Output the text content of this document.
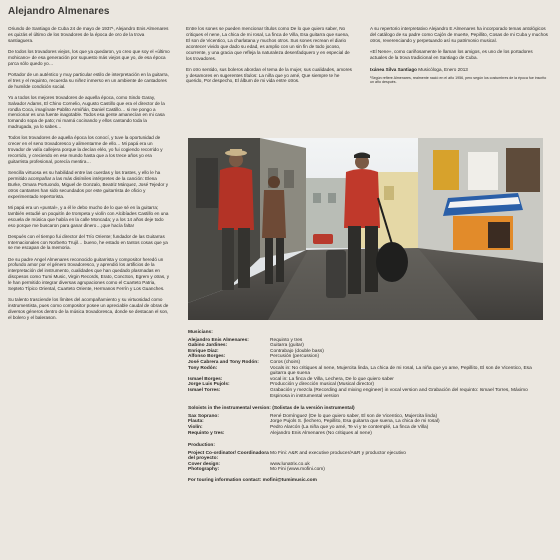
Alejandro Almenares

Oriundo de Santiago de Cuba 24 de mayo de 1937¹, Alejandro Enis Almenares es quizás el último de los trovadores de la época de oro de la trova santiaguera.

De todos los trovadores viejos, los que ya quedaron, yo creo que soy el «último mohicano» de esa generación por supuesto más viejos que yo, de esa época pa'ca sólo quedo yo…

Portador de un auténtico y muy particular estilo de interpretación en la guitarra, el tres y el requinto, recuerda su niñez inmerso en un ambiente de cantadores de humilde condición social.

Yo a todos los mejores trovadores de aquella época, como Sindo Garay, Salvador Adams, El Chino Cornelio, Augusto Castillo que era el director de la rondla Coca, imagínate Pablito Armiñán, Daniel Castillo… si me pongo a mencionar es una fuente inagotable. Todos esa gente amanecían en mi casa tomando sopa de pato; mi mamá cocinando y ellos cantando toda la madrugada, ya lo sabes…

Todos los trovadores de aquella época los conocí, y tuve la oportunidad de crecer en el seno trovadoresco y alimentarme de ello… Mi papá era un trovador de valía callejera porque la decían eléo, yo fui cogiendo recorrido y recorrido, y creciendo en ese mundo hasta que a los trece años yo era guitarrista profesional, porecía mentira…

Sencilla virtuosa es su habilidad entre las cuerdas y los trastes, y ello le ha permitido acompañar a las más disímiles intérpretes de la canción: Elena Burke, Omara Portuondo, Miguel de Gonzalo, Beatriz Márquez, José Tejedor y otros cantantes han sido secundados por este guitarrista de oficio y experimentado repertorista.

Mi papá era un «puntal», y a él le debo mucho de lo que sé en la guitarra; también estudié un poquitín de trompeta y violín con Alcibíades Castillo en una escuela de música que había en la calle Moncada; y a los 14 años deje todo eso porque me buscaron para ganar dinero…¡que hacía falta!

Después con el tiempo fui director del Trío Oriente; fundador de las Guitarras Internacionales con Norberto Trujil… bueno, he estado en tantos cosas que ya se me escapan de la memoria.

De su padre Angel Almenares reconocido guitarrista y compositor heredó un profundo amor por el género trovadoresco, y aprendió los artificios de la interpretación del instrumento, cualidades que han quedado plasmadas en discpesos como Tumi Music, Virgin Records, Erato, ConcSon, Egrem y otras, y le han permitido integrar diversas agrupaciones como el Cuarteto Patria, Septeto Típico Oriental, Cuarteto Oriente, Hermanos Ferrín y Los Guanches.

Su talento trasciende los límites del acompañamiento y su virtuosidad como instrumentista, pues como compositor posee un apreciable caudal de obras de diversos géneros dentro de la música trovadoresca, donde se destacan el son, el bolero y el balerason.

Entre los sones se pueden mencionar títulos como De lo que quiero saber, No critiques el nene, La chica de mi rosal, La finca de Villa, Esa guitarra que suena, El son de Vicentico, La charlatana y muchos otros. Sus sones recrean el diario acontecer vivido que dado su edad, es amplio con un sin fin de todo jocoso, ocurrente, y una gracia que refleja la naturaleza desenfadquero y en especial de los trovadores.

En otro sentido, sus boleros abordan el tema de la mujer, sus cualidades, amores y desamores en sugerentes títulos: La niña que yo amé, Que siempre te he querido, Por despecho, El álbum de mi vida entre otros.

A su repertorio interpretativo Alejandro E Almenares ha incorporado temas antológicos del catálogo de su padre como Cajón de muerte, Pepillito, Cosas de mi Cuba y muchos otros, reverenciando y perpetuando así su patrimonio musical.

«El Nene», como cariñosamente le llaman los amigos, es uno de los portadores actuales de la trova tradicional en Santiago de Cuba.

Ixánea Silva Santiago Musicóloga, Enero 2013
¹Según refiere Almenares, realmente nació en el año 1956, pero según los costumbres de la época fue inscrito un año después.
Musicians:
Alejandro Enis Almenares:	Requinto y tres
Gabino Jardines:	Guitarra (guitar)
Enrique Díaz:	Contrabajo (double bass)
Alfonso Borges:	Percusión (percussion)
José Cabrera and Tony Rodón:	Coros (choirs)
Tony Rodón:	Vocals in: No critiques al nene, Mujercita linda, La chica de mi rosal, La niña que yo ame, Pepillito, El son de Vicentico, Esa guitarra que suena
Ismael Borges:	vocal in: La finca de Villa, Lechera, De lo que quiero saber
Jorge Luis Pujols:	Producción y dirección musical (Musical director)
Ismael Torres:	Grabación y mezcla (Recording and mixing engineer) in vocal version and Grabación del requinto: Ismael Torres, Máximo Espinosa in instrumental version
Soloists in the instrumental version: (Solistas de la versión instrumental)
Sax Soprano:	René Domínguez (De lo que quiero saber, El son de Vicentico, Mujercita linda)
Flauta:	Jorge Pujols S. (lechero, Pepillito, Esa guitarra que suena, La chica de mi rosal)
Violín:	Pedro Alarcón (La niña que yo amé, Te vi y te contemplé, La finca de Villa)
Requinto y tres:	Alejandro Enis Almenares (No critiques al nene)
Production:
Project Co-ordinator/ Coordinadora del proyecto:
Mo Fini: A&R and executive producer/A&R y productor ejecutivo
Cover design:	www.lunatrix.co.uk
Photography:	Mo Fini (www.mofini.com)
For touring information contact: mofini@tumimusic.com
